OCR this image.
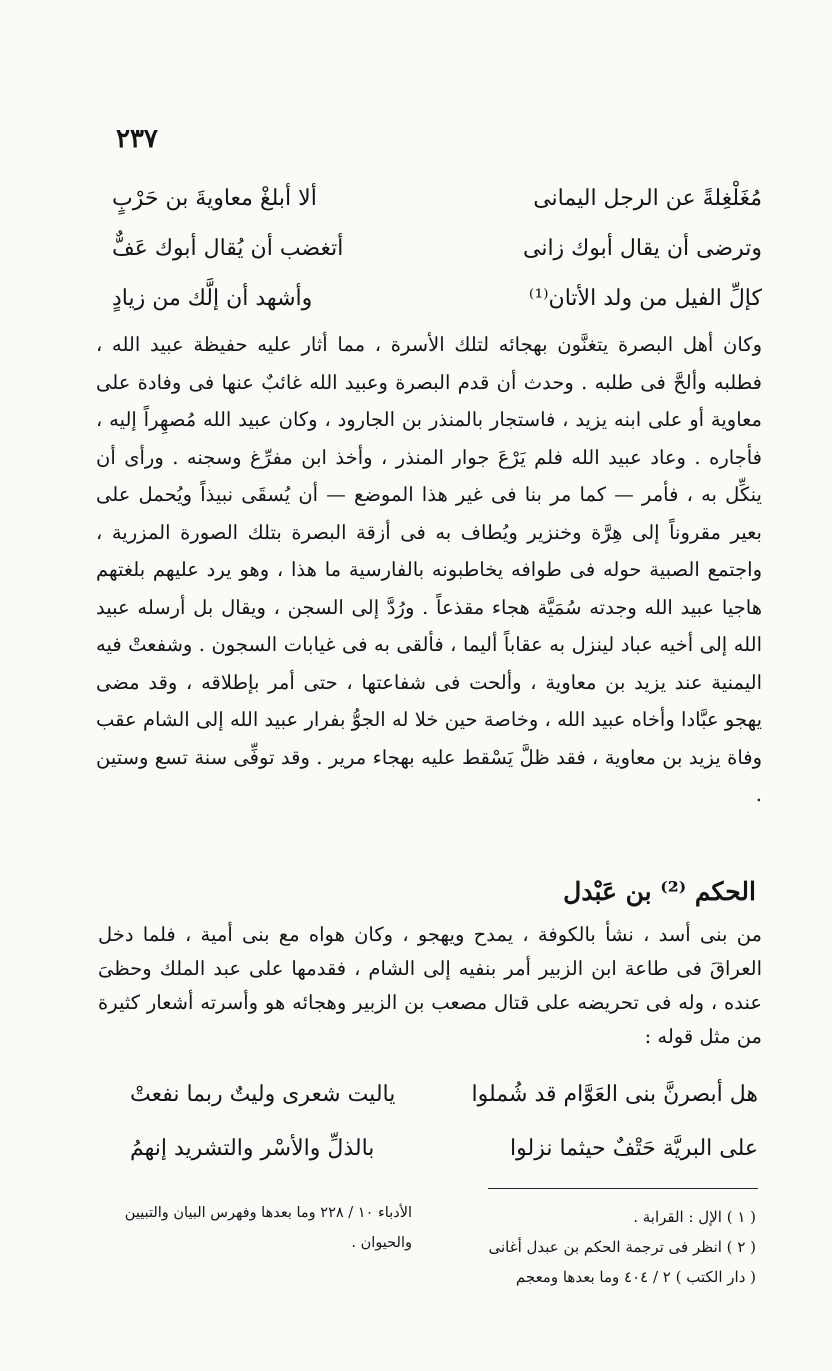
٢٣٧
ألا أبلغْ معاويةَ بن حَرْبٍ	مُغَلْغِلةً عن الرجل اليمانى
أتغضب أن يُقال أبوك عَفٌّ	وترضى أن يقال أبوك زانى
وأشهد أن إلَّك من زيادٍ	كإلِّ الفيل من ولد الأتان⁽¹⁾

وكان أهل البصرة يتغنَّون بهجائه لتلك الأسرة ، مما أثار عليه حفيظة عبيد الله ، فطلبه وألحَّ فى طلبه . وحدث أن قدم البصرة وعبيد الله غائبٌ عنها فى وفادة على معاوية أو على ابنه يزيد ، فاستجار بالمنذر بن الجارود ، وكان عبيد الله مُصهِراً إليه ، فأجاره . وعاد عبيد الله فلم يَرْعَ جوار المنذر ، وأخذ ابن مفرِّغ وسجنه . ورأى أن ينكِّل به ، فأمر — كما مر بنا فى غير هذا الموضع — أن يُسقَى نبيذاً ويُحمل على بعير مقروناً إلى هِرَّة وخنزير ويُطاف به فى أزقة البصرة بتلك الصورة المزرية ، واجتمع الصبية حوله فى طوافه يخاطبونه بالفارسية ما هذا ، وهو يرد عليهم بلغتهم هاجيا عبيد الله وجدته سُمَيَّة هجاء مقذعاً . ورُدَّ إلى السجن ، ويقال بل أرسله عبيد الله إلى أخيه عباد لينزل به عقاباً أليما ، فألقى به فى غيابات السجون . وشفعتْ فيه اليمنية عند يزيد بن معاوية ، وألحت فى شفاعتها ، حتى أمر بإطلاقه ، وقد مضى يهجو عبَّادا وأخاه عبيد الله ، وخاصة حين خلا له الجوُّ بفرار عبيد الله إلى الشام عقب وفاة يزيد بن معاوية ، فقد ظلَّ يَسْقط عليه بهجاء مرير . وقد توفِّى سنة تسع وستين .

الحكم ⁽²⁾ بن عَبْدل

من بنى أسد ، نشأ بالكوفة ، يمدح ويهجو ، وكان هواه مع بنى أمية ، فلما دخل العراقَ فى طاعة ابن الزبير أمر بنفيه إلى الشام ، فقدمها على عبد الملك وحظىَ عنده ، وله فى تحريضه على قتال مصعب بن الزبير وهجائه هو وأسرته أشعار كثيرة من مثل قوله :

ياليت شعرى وليتٌ ربما نفعتْ	هل أبصرنَّ بنى العَوَّام قد شُملوا
بالذلِّ والأسْر والتشريد إنهمُ	على البريَّة حَتْفٌ حيثما نزلوا
( ١ ) الإل : القرابة .
( ٢ ) انظر فى ترجمة الحكم بن عبدل أغانى
( دار الكتب ) ٢ / ٤٠٤ وما بعدها ومعجم
الأدباء ١٠ / ٢٢٨ وما بعدها وفهرس البيان والتبيين والحيوان .
